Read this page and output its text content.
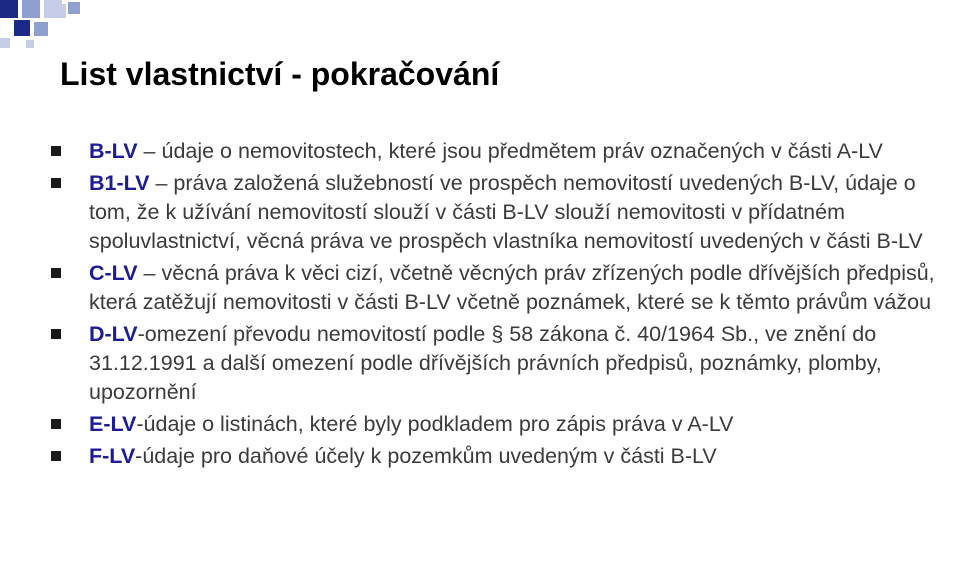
List vlastnictví - pokračování
B-LV – údaje o nemovitostech, které jsou předmětem práv označených v části A-LV
B1-LV – práva založená služebností ve prospěch nemovitostí uvedených B-LV, údaje o tom, že k užívání nemovitostí slouží v části B-LV slouží nemovitosti v přídatném spoluvlastnictví, věcná práva ve prospěch vlastníka nemovitostí uvedených v části B-LV
C-LV – věcná práva k věci cizí, včetně věcných práv zřízených podle dřívějších předpisů, která zatěžují nemovitosti v části B-LV včetně poznámek, které se k těmto právům vážou
D-LV-omezení převodu nemovitostí podle § 58 zákona č. 40/1964 Sb., ve znění do 31.12.1991 a další omezení podle dřívějších právních předpisů, poznámky, plomby, upozornění
E-LV-údaje o listinách, které byly podkladem pro zápis práva v A-LV
F-LV-údaje pro daňové účely k pozemkům uvedeným v části B-LV
